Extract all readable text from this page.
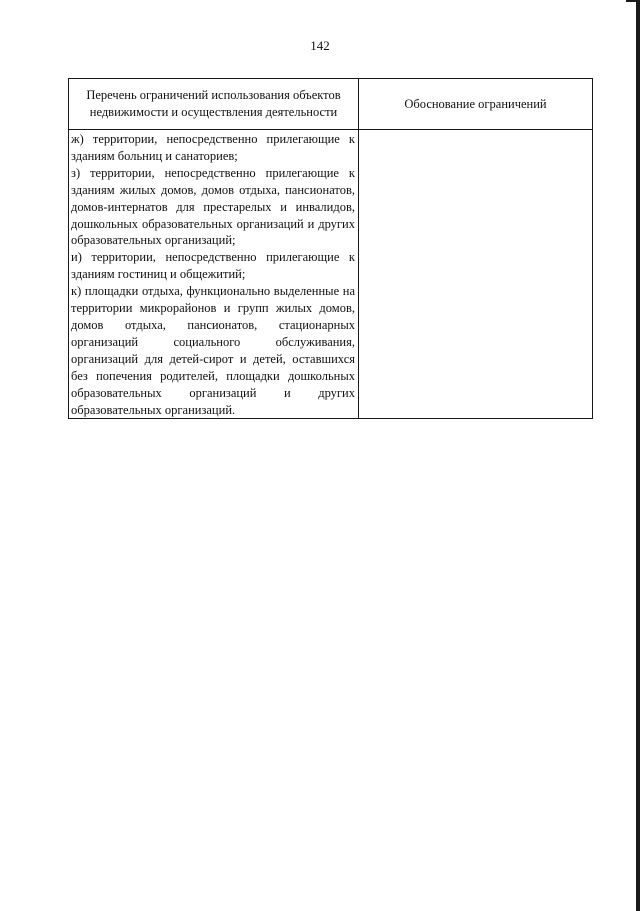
142
Перечень ограничений использования объектов недвижимости и осуществления деятельности	Обоснование ограничений

ж) территории, непосредственно прилегающие к зданиям больниц и санаториев;
з) территории, непосредственно прилегающие к зданиям жилых домов, домов отдыха, пансионатов, домов-интернатов для престарелых и инвалидов, дошкольных образовательных организаций и других образовательных организаций;
и) территории, непосредственно прилегающие к зданиям гостиниц и общежитий;
к) площадки отдыха, функционально выделенные на территории микрорайонов и групп жилых домов, домов отдыха, пансионатов, стационарных организаций социального обслуживания, организаций для детей-сирот и детей, оставшихся без попечения родителей, площадки дошкольных образовательных организаций и других образовательных организаций.	
